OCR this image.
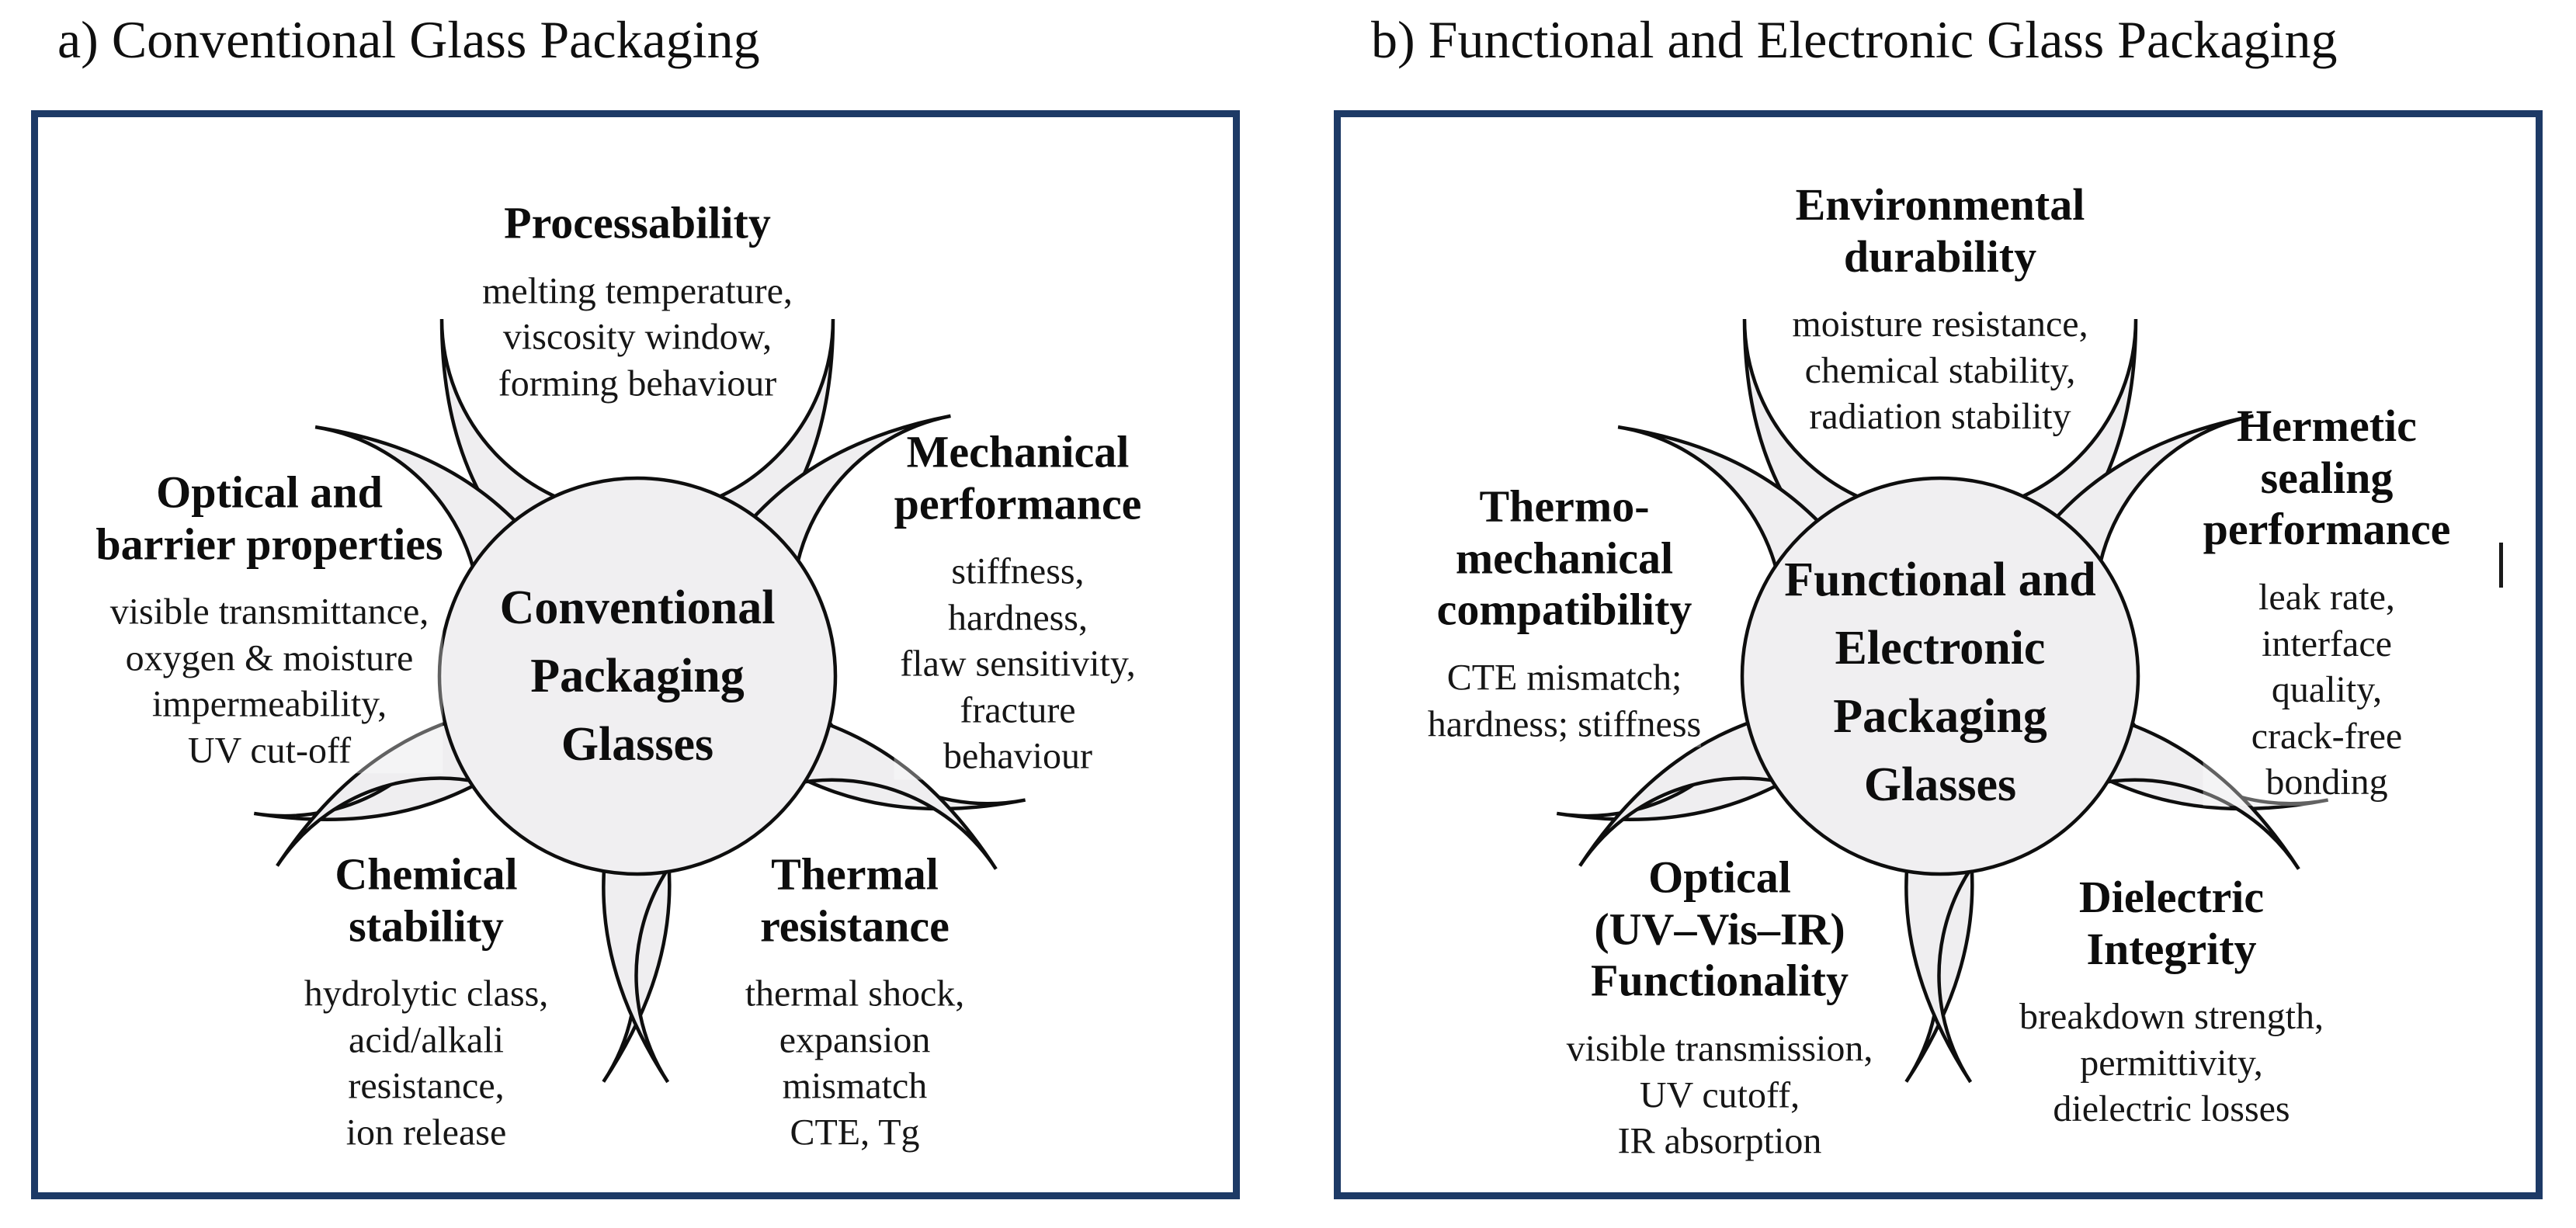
a) Conventional Glass Packaging

Processability

melting temperature,
viscosity window,
forming behaviour

Optical and
barrier properties

visible transmittance,
oxygen & moisture
impermeability,
UV cut-off

Mechanical
performance

stiffness, hardness,
flaw sensitivity,
fracture behaviour

Chemical
stability

hydrolytic class,
acid/alkali
resistance,
ion release

Thermal
resistance

thermal shock,
expansion
mismatch
CTE, Tg

Conventional
Packaging
Glasses
b) Functional and Electronic Glass Packaging

Environmental
durability

moisture resistance,
chemical stability,
radiation stability

Thermo-
mechanical
compatibility

CTE mismatch;
hardness; stiffness

Hermetic sealing
performance

leak rate,
interface quality,
crack-free bonding

Optical
(UV–Vis–IR)
Functionality

visible transmission,
UV cutoff,
IR absorption

Dielectric
Integrity

breakdown strength,
permittivity,
dielectric losses

Functional and
Electronic
Packaging
Glasses
